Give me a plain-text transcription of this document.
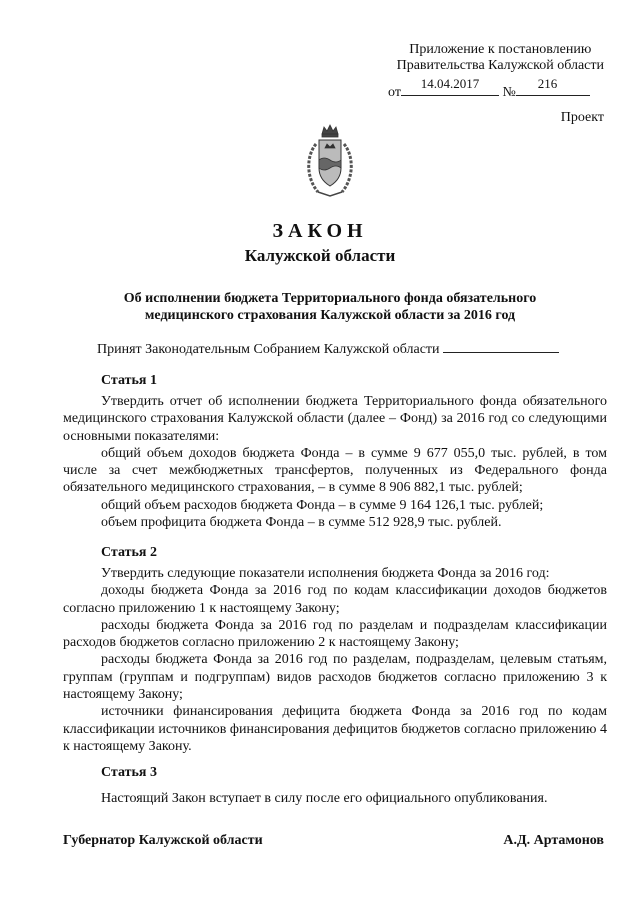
Приложение к постановлению
Правительства Калужской области
от
14.04.2017
№
216
Проект
ЗАКОН
Калужской области
Об исполнении бюджета Территориального фонда обязательного медицинского страхования Калужской области за 2016 год
Принят Законодательным Собранием Калужской области
Статья 1

Утвердить отчет об исполнении бюджета Территориального фонда обязательного медицинского страхования Калужской области (далее – Фонд) за 2016 год со следующими основными показателями:

общий объем доходов бюджета Фонда – в сумме 9 677 055,0 тыс. рублей, в том числе за счет межбюджетных трансфертов, полученных из Федерального фонда обязательного медицинского страхования, – в сумме 8 906 882,1 тыс. рублей;

общий объем расходов бюджета Фонда – в сумме 9 164 126,1 тыс. рублей;

объем профицита бюджета Фонда – в сумме 512 928,9 тыс. рублей.

Статья 2

Утвердить следующие показатели исполнения бюджета Фонда за 2016 год:

доходы бюджета Фонда за 2016 год по кодам классификации доходов бюджетов согласно приложению 1 к настоящему Закону;

расходы бюджета Фонда за 2016 год по разделам и подразделам классификации расходов бюджетов согласно приложению 2 к настоящему Закону;

расходы бюджета Фонда за 2016 год по разделам, подразделам, целевым статьям, группам (группам и подгруппам) видов расходов бюджетов согласно приложению 3 к настоящему Закону;

источники финансирования дефицита бюджета Фонда за 2016 год по кодам классификации источников финансирования дефицитов бюджетов согласно приложению 4 к настоящему Закону.

Статья 3

Настоящий Закон вступает в силу после его официального опубликования.

Губернатор Калужской области	А.Д. Артамонов
